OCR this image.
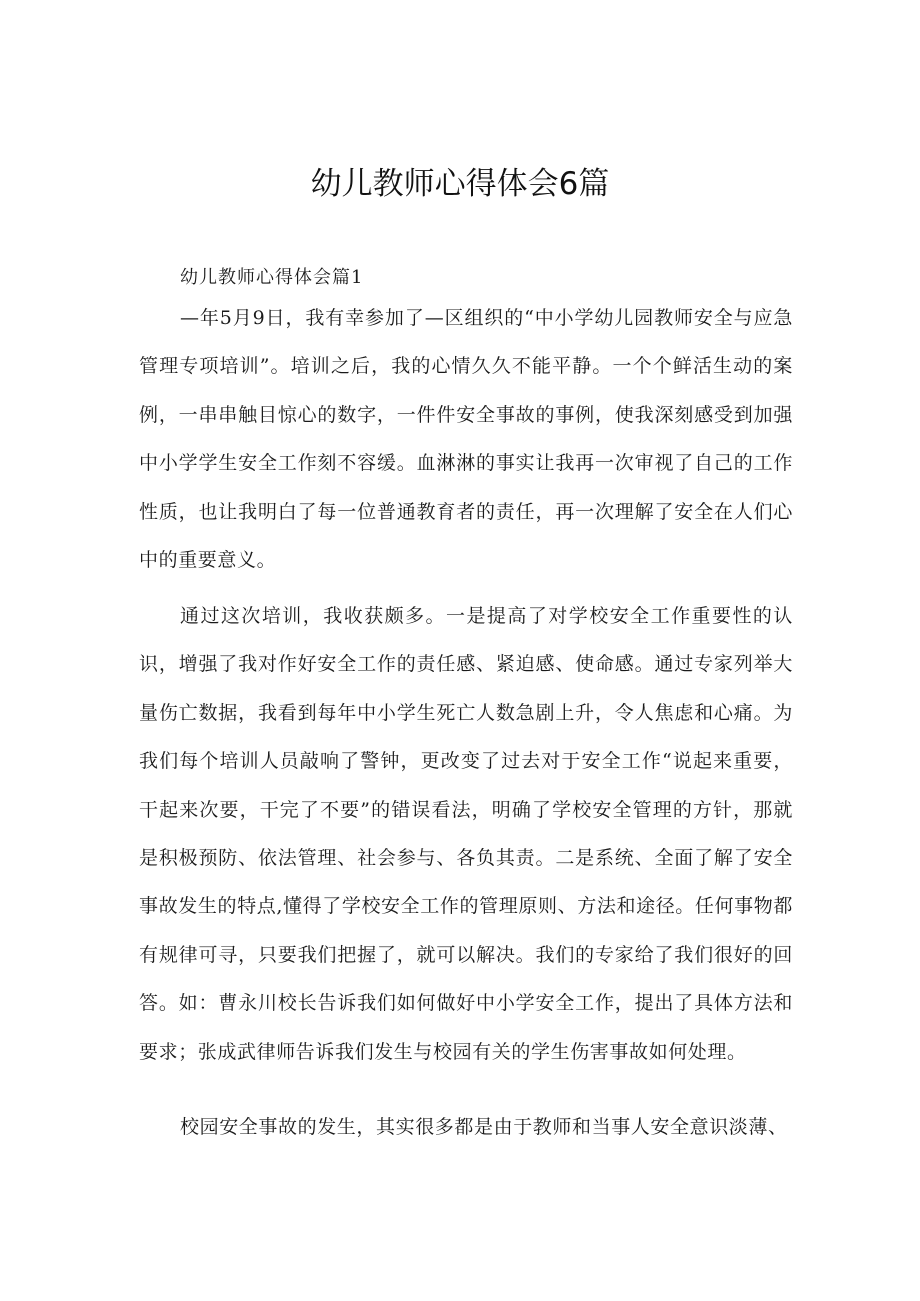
幼儿教师心得体会6篇
幼儿教师心得体会篇1

—年5月9日，我有幸参加了—区组织的“中小学幼儿园教师安全与应急管理专项培训”。培训之后，我的心情久久不能平静。一个个鲜活生动的案例，一串串触目惊心的数字，一件件安全事故的事例，使我深刻感受到加强中小学学生安全工作刻不容缓。血淋淋的事实让我再一次审视了自己的工作性质，也让我明白了每一位普通教育者的责任，再一次理解了安全在人们心中的重要意义。

通过这次培训，我收获颇多。一是提高了对学校安全工作重要性的认识，增强了我对作好安全工作的责任感、紧迫感、使命感。通过专家列举大量伤亡数据，我看到每年中小学生死亡人数急剧上升，令人焦虑和心痛。为我们每个培训人员敲响了警钟，更改变了过去对于安全工作“说起来重要，干起来次要，干完了不要”的错误看法，明确了学校安全管理的方针，那就是积极预防、依法管理、社会参与、各负其责。二是系统、全面了解了安全事故发生的特点,懂得了学校安全工作的管理原则、方法和途径。任何事物都有规律可寻，只要我们把握了，就可以解决。我们的专家给了我们很好的回答。如：曹永川校长告诉我们如何做好中小学安全工作，提出了具体方法和要求；张成武律师告诉我们发生与校园有关的学生伤害事故如何处理。

校园安全事故的发生，其实很多都是由于教师和当事人安全意识淡薄、
